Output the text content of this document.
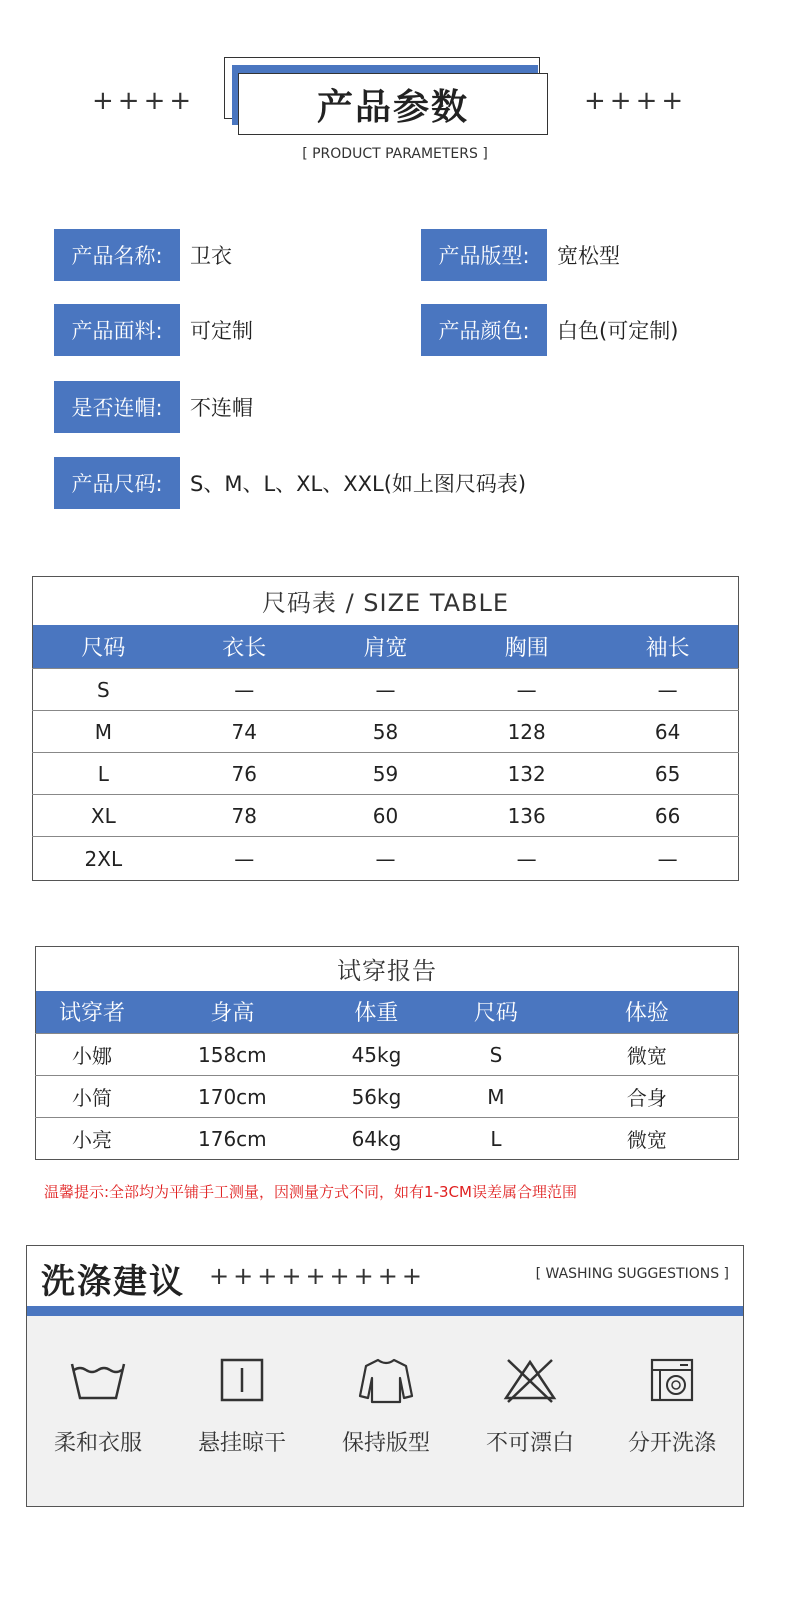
产品参数
++++	++++
[ PRODUCT PARAMETERS ]
产品名称:	卫衣	产品版型:	宽松型
产品面料:	可定制	产品颜色:	白色(可定制)
是否连帽:	不连帽
产品尺码:	S、M、L、XL、XXL(如上图尺码表)
尺码表 / SIZE TABLE				
尺码	衣长	肩宽	胸围	袖长
S	—	—	—	—
M	74	58	128	64
L	76	59	132	65
XL	78	60	136	66
2XL	—	—	—	—
试穿报告				
试穿者	身高	体重	尺码	体验
小娜	158cm	45kg	S	微宽
小简	170cm	56kg	M	合身
小亮	176cm	64kg	L	微宽
温馨提示:全部均为平铺手工测量，因测量方式不同，如有1-3CM误差属合理范围
洗涤建议 +++++++++	[ WASHING SUGGESTIONS ]
柔和衣服	悬挂晾干	保持版型	不可漂白	分开洗涤
